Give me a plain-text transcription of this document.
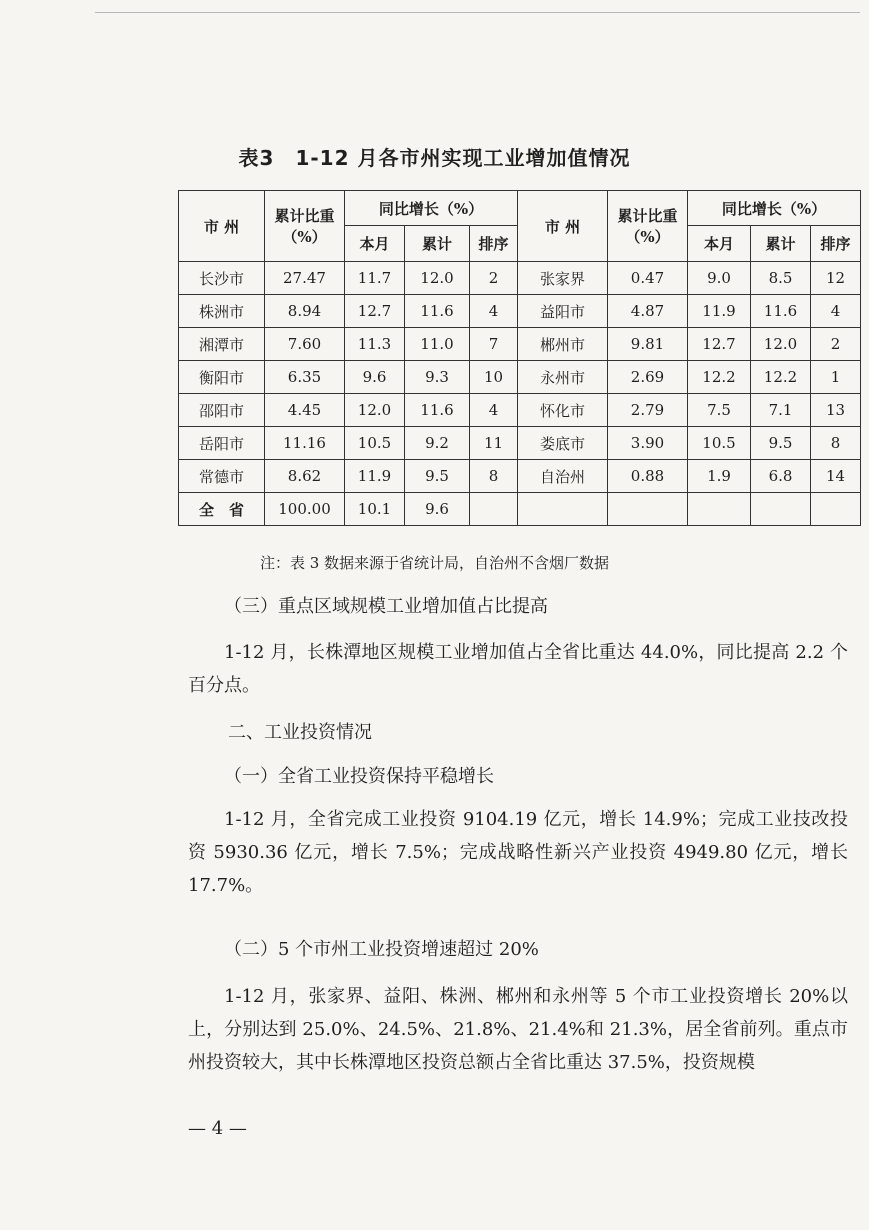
表3　1-12 月各市州实现工业增加值情况
市 州	累计比重（%）	同比增长（%）			市 州	累计比重（%）	同比增长（%）		
		本月	累计	排序			本月	累计	排序
长沙市	27.47	11.7	12.0	2	张家界	0.47	9.0	8.5	12
株洲市	8.94	12.7	11.6	4	益阳市	4.87	11.9	11.6	4
湘潭市	7.60	11.3	11.0	7	郴州市	9.81	12.7	12.0	2
衡阳市	6.35	9.6	9.3	10	永州市	2.69	12.2	12.2	1
邵阳市	4.45	12.0	11.6	4	怀化市	2.79	7.5	7.1	13
岳阳市	11.16	10.5	9.2	11	娄底市	3.90	10.5	9.5	8
常德市	8.62	11.9	9.5	8	自治州	0.88	1.9	6.8	14
全　省	100.00	10.1	9.6						
注：表 3 数据来源于省统计局，自治州不含烟厂数据
（三）重点区域规模工业增加值占比提高
1-12 月，长株潭地区规模工业增加值占全省比重达 44.0%，同比提高 2.2 个百分点。
二、工业投资情况
（一）全省工业投资保持平稳增长
1-12 月，全省完成工业投资 9104.19 亿元，增长 14.9%；完成工业技改投资 5930.36 亿元，增长 7.5%；完成战略性新兴产业投资 4949.80 亿元，增长 17.7%。
（二）5 个市州工业投资增速超过 20%
1-12 月，张家界、益阳、株洲、郴州和永州等 5 个市工业投资增长 20%以上，分别达到 25.0%、24.5%、21.8%、21.4%和 21.3%，居全省前列。重点市州投资较大，其中长株潭地区投资总额占全省比重达 37.5%，投资规模
— 4 —
